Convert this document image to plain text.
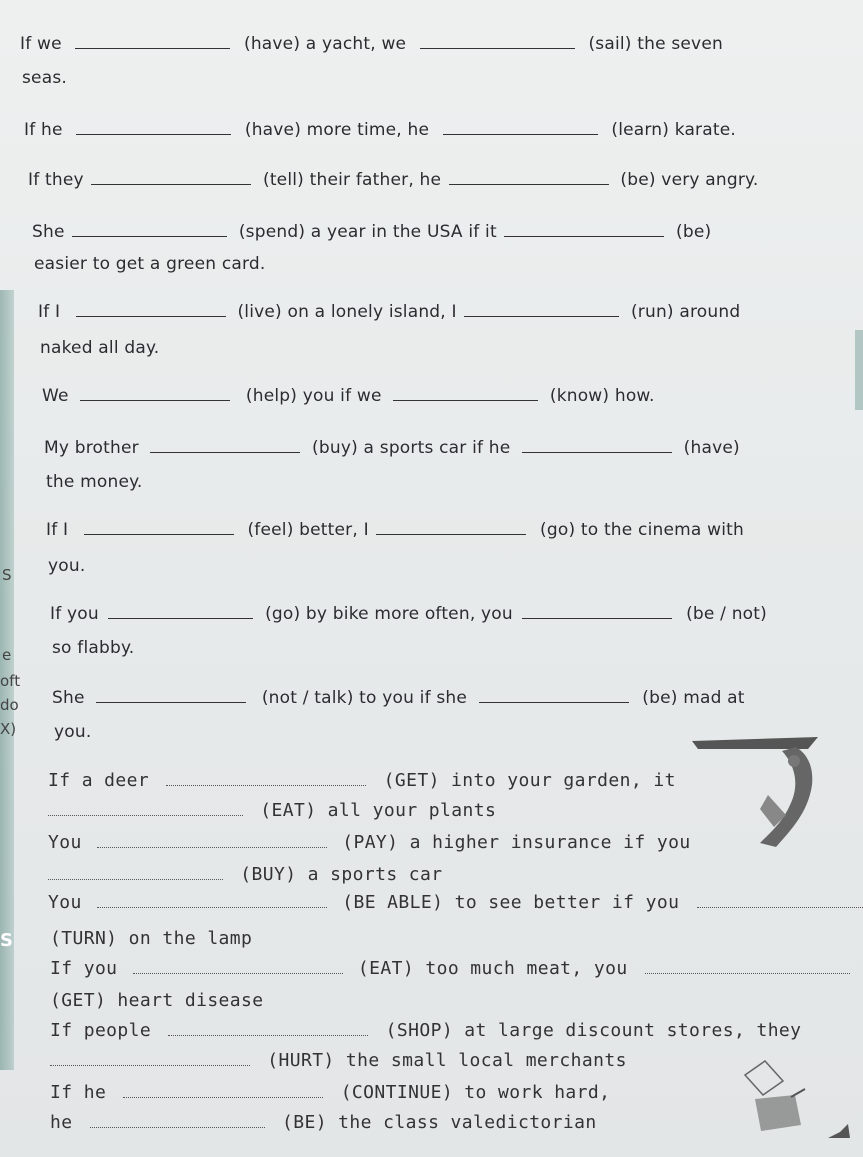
S
e
oft
do
X)
S
If we	(have) a yacht, we	(sail) the seven
seas.
If he	(have) more time, he	(learn) karate.
If they	(tell) their father, he	(be) very angry.
She	(spend) a year in the USA if it	(be)
easier to get a green card.
If I	(live) on a lonely island, I	(run) around
naked all day.
We	(help) you if we	(know) how.
My brother	(buy) a sports car if he	(have)
the money.
If I	(feel) better, I	(go) to the cinema with
you.
If you	(go) by bike more often, you	(be / not)
so flabby.
She	(not / talk) to you if she	(be) mad at
you.
If a deer	(GET) into your garden, it
(EAT) all your plants
You	(PAY) a higher insurance if you
(BUY) a sports car
You	(BE ABLE) to see better if you
(TURN) on the lamp
If you	(EAT) too much meat, you
(GET) heart disease
If people	(SHOP) at large discount stores, they
(HURT) the small local merchants
If he	(CONTINUE) to work hard,
he	(BE) the class valedictorian
